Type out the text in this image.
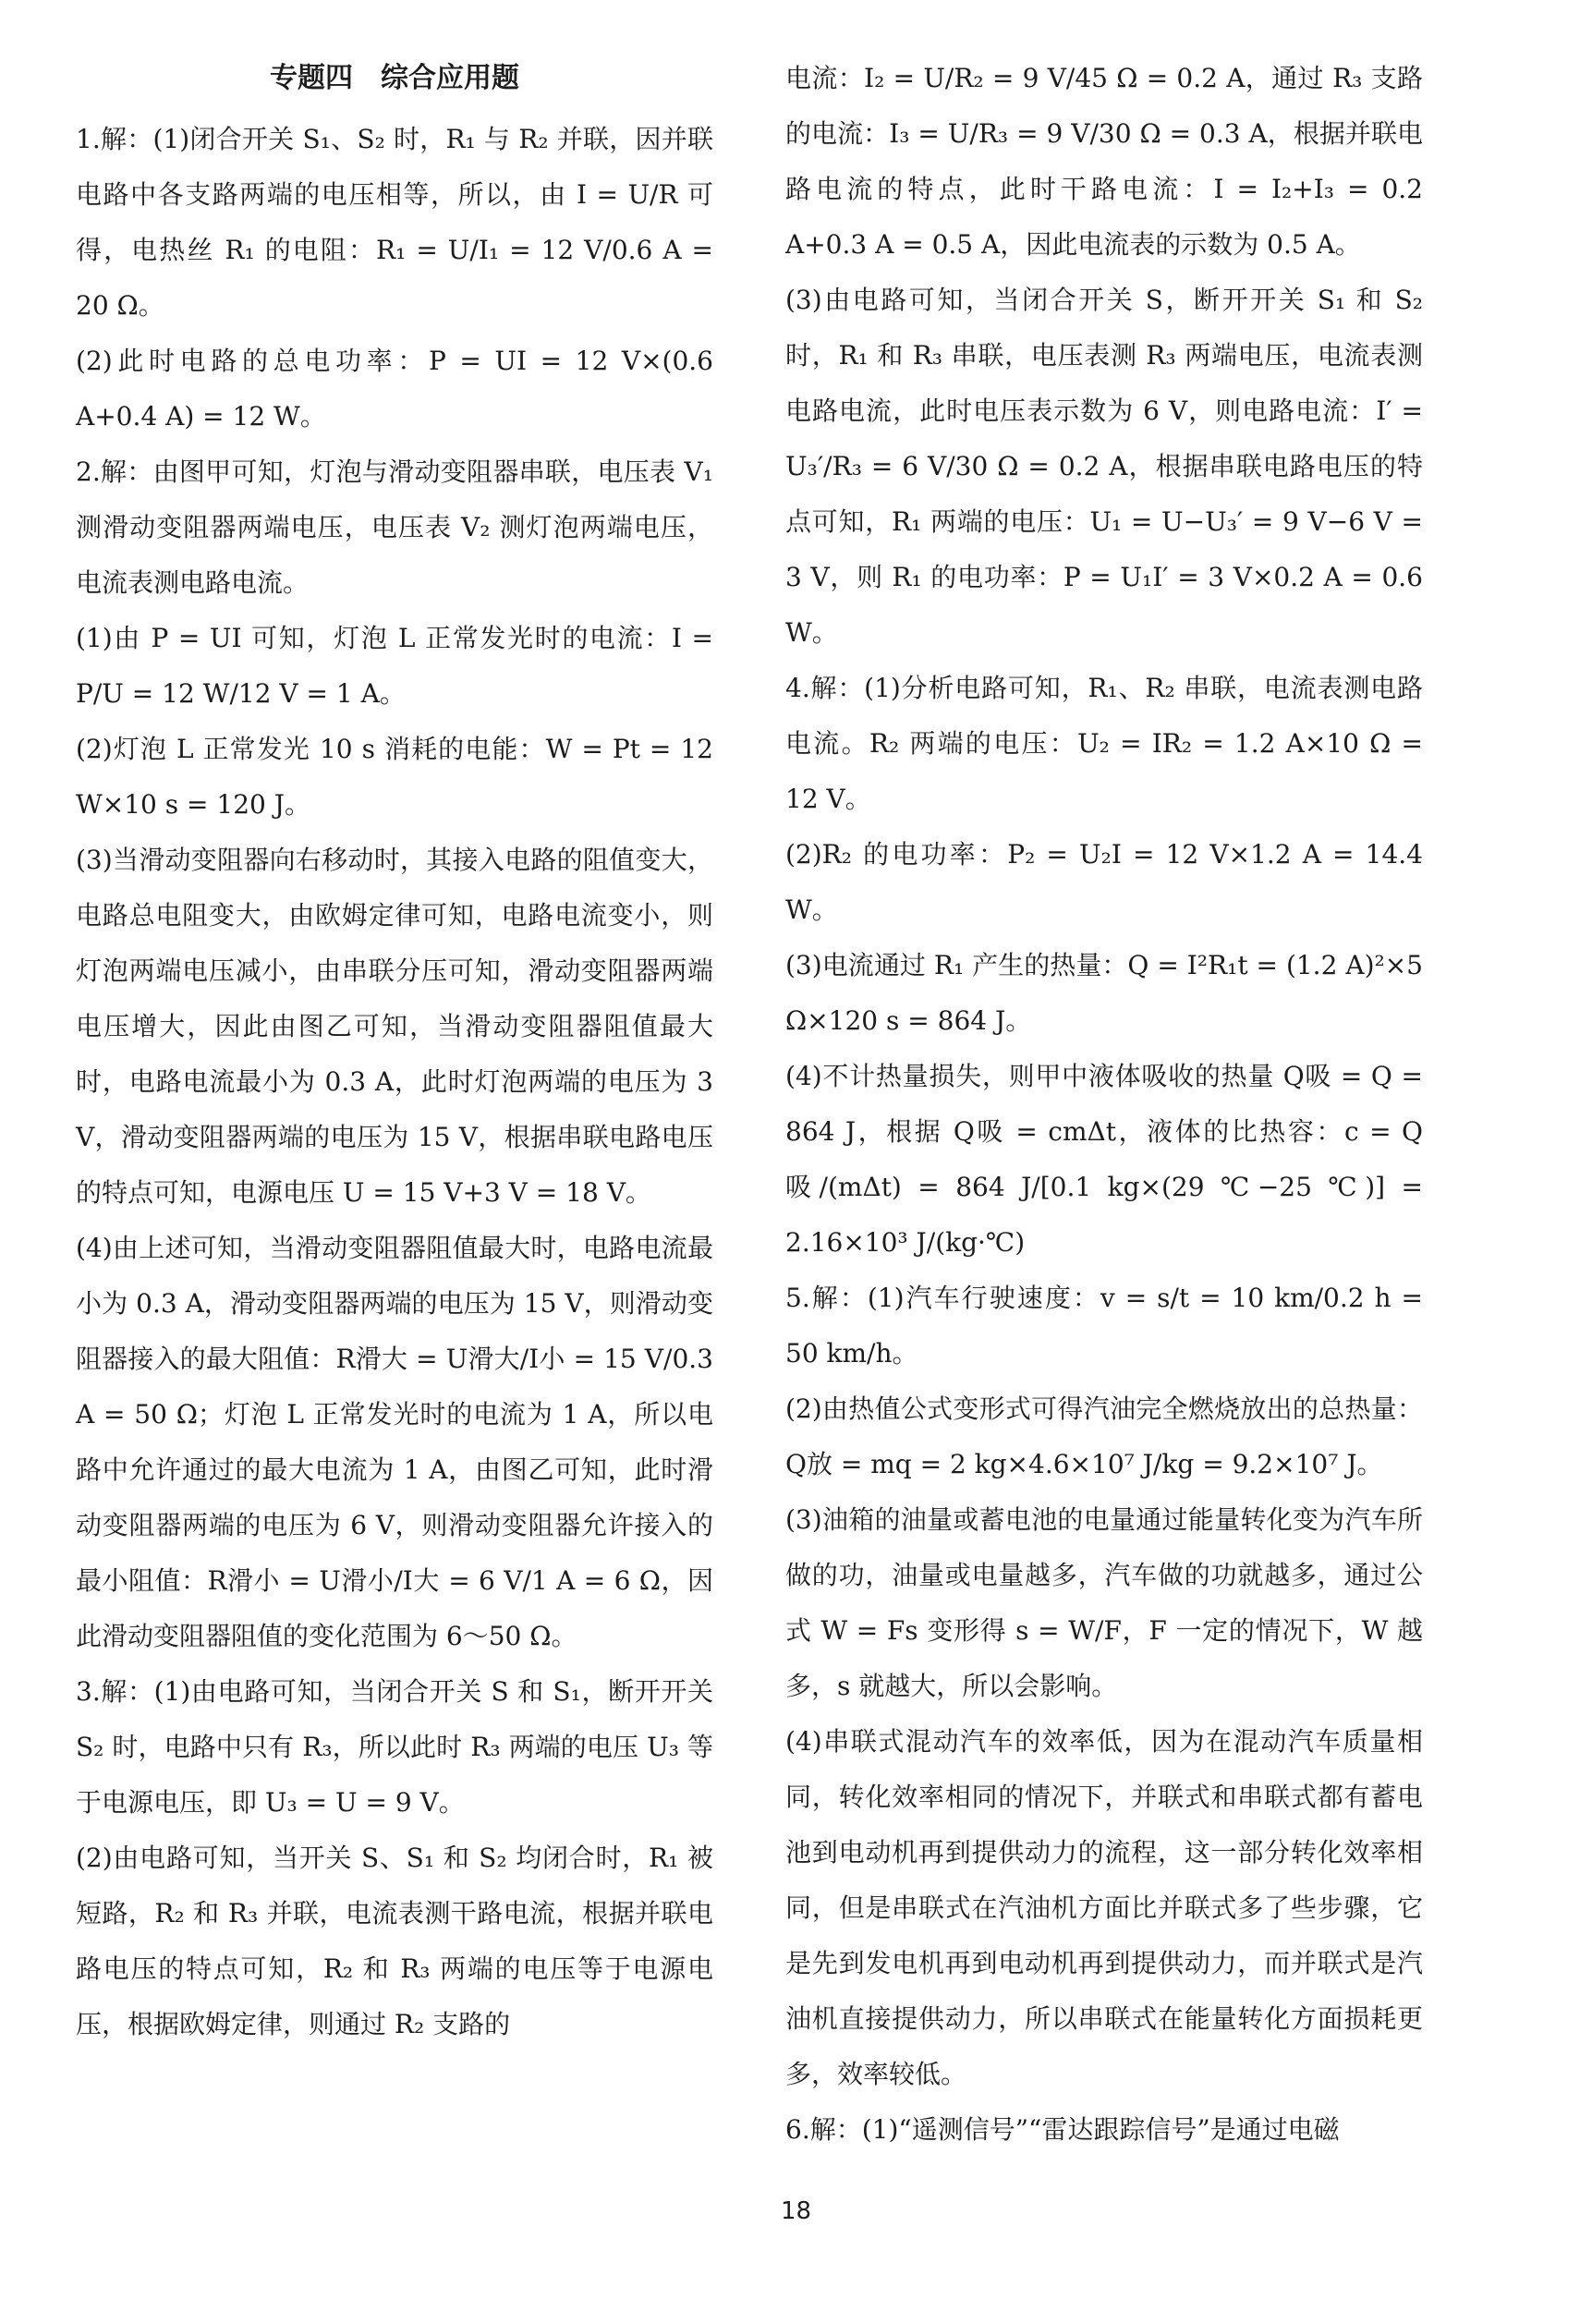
专题四　综合应用题

1.解：(1)闭合开关 S₁、S₂ 时，R₁ 与 R₂ 并联，因并联电路中各支路两端的电压相等，所以，由 I = U/R 可得，电热丝 R₁ 的电阻：R₁ = U/I₁ = 12 V/0.6 A = 20 Ω。

(2)此时电路的总电功率：P = UI = 12 V×(0.6 A+0.4 A) = 12 W。

2.解：由图甲可知，灯泡与滑动变阻器串联，电压表 V₁ 测滑动变阻器两端电压，电压表 V₂ 测灯泡两端电压，电流表测电路电流。

(1)由 P = UI 可知，灯泡 L 正常发光时的电流：I = P/U = 12 W/12 V = 1 A。

(2)灯泡 L 正常发光 10 s 消耗的电能：W = Pt = 12 W×10 s = 120 J。

(3)当滑动变阻器向右移动时，其接入电路的阻值变大，电路总电阻变大，由欧姆定律可知，电路电流变小，则灯泡两端电压减小，由串联分压可知，滑动变阻器两端电压增大，因此由图乙可知，当滑动变阻器阻值最大时，电路电流最小为 0.3 A，此时灯泡两端的电压为 3 V，滑动变阻器两端的电压为 15 V，根据串联电路电压的特点可知，电源电压 U = 15 V+3 V = 18 V。

(4)由上述可知，当滑动变阻器阻值最大时，电路电流最小为 0.3 A，滑动变阻器两端的电压为 15 V，则滑动变阻器接入的最大阻值：R滑大 = U滑大/I小 = 15 V/0.3 A = 50 Ω；灯泡 L 正常发光时的电流为 1 A，所以电路中允许通过的最大电流为 1 A，由图乙可知，此时滑动变阻器两端的电压为 6 V，则滑动变阻器允许接入的最小阻值：R滑小 = U滑小/I大 = 6 V/1 A = 6 Ω，因此滑动变阻器阻值的变化范围为 6～50 Ω。

3.解：(1)由电路可知，当闭合开关 S 和 S₁，断开开关 S₂ 时，电路中只有 R₃，所以此时 R₃ 两端的电压 U₃ 等于电源电压，即 U₃ = U = 9 V。

(2)由电路可知，当开关 S、S₁ 和 S₂ 均闭合时，R₁ 被短路，R₂ 和 R₃ 并联，电流表测干路电流，根据并联电路电压的特点可知，R₂ 和 R₃ 两端的电压等于电源电压，根据欧姆定律，则通过 R₂ 支路的

电流：I₂ = U/R₂ = 9 V/45 Ω = 0.2 A，通过 R₃ 支路的电流：I₃ = U/R₃ = 9 V/30 Ω = 0.3 A，根据并联电路电流的特点，此时干路电流：I = I₂+I₃ = 0.2 A+0.3 A = 0.5 A，因此电流表的示数为 0.5 A。

(3)由电路可知，当闭合开关 S，断开开关 S₁ 和 S₂ 时，R₁ 和 R₃ 串联，电压表测 R₃ 两端电压，电流表测电路电流，此时电压表示数为 6 V，则电路电流：I′ = U₃′/R₃ = 6 V/30 Ω = 0.2 A，根据串联电路电压的特点可知，R₁ 两端的电压：U₁ = U−U₃′ = 9 V−6 V = 3 V，则 R₁ 的电功率：P = U₁I′ = 3 V×0.2 A = 0.6 W。

4.解：(1)分析电路可知，R₁、R₂ 串联，电流表测电路电流。R₂ 两端的电压：U₂ = IR₂ = 1.2 A×10 Ω = 12 V。

(2)R₂ 的电功率：P₂ = U₂I = 12 V×1.2 A = 14.4 W。

(3)电流通过 R₁ 产生的热量：Q = I²R₁t = (1.2 A)²×5 Ω×120 s = 864 J。

(4)不计热量损失，则甲中液体吸收的热量 Q吸 = Q = 864 J，根据 Q吸 = cmΔt，液体的比热容：c = Q吸/(mΔt) = 864 J/[0.1 kg×(29 ℃−25 ℃)] = 2.16×10³ J/(kg·℃)

5.解：(1)汽车行驶速度：v = s/t = 10 km/0.2 h = 50 km/h。

(2)由热值公式变形式可得汽油完全燃烧放出的总热量：Q放 = mq = 2 kg×4.6×10⁷ J/kg = 9.2×10⁷ J。

(3)油箱的油量或蓄电池的电量通过能量转化变为汽车所做的功，油量或电量越多，汽车做的功就越多，通过公式 W = Fs 变形得 s = W/F，F 一定的情况下，W 越多，s 就越大，所以会影响。

(4)串联式混动汽车的效率低，因为在混动汽车质量相同，转化效率相同的情况下，并联式和串联式都有蓄电池到电动机再到提供动力的流程，这一部分转化效率相同，但是串联式在汽油机方面比并联式多了些步骤，它是先到发电机再到电动机再到提供动力，而并联式是汽油机直接提供动力，所以串联式在能量转化方面损耗更多，效率较低。

6.解：(1)“遥测信号”“雷达跟踪信号”是通过电磁

18
